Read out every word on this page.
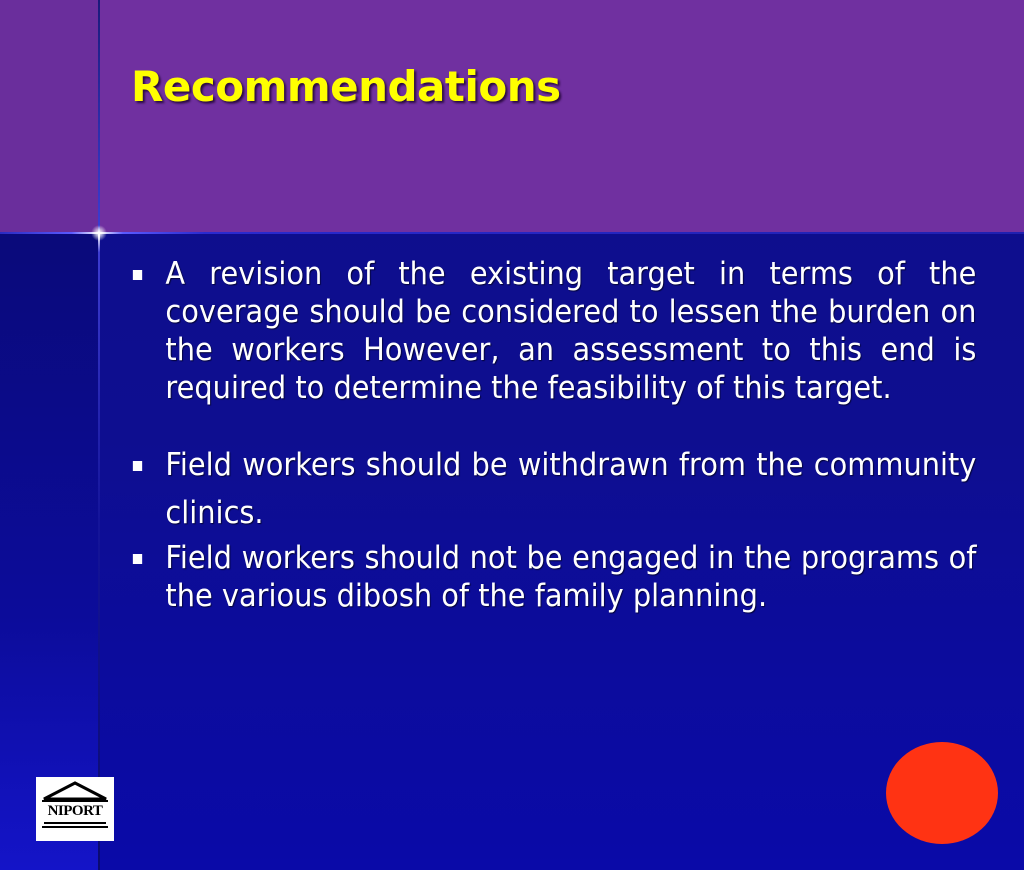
Recommendations
A revision of the existing target in terms of the coverage should be considered to lessen the burden on the workers However, an assessment to this end is required to determine the feasibility of this target.
Field workers should be withdrawn from the community clinics.
Field workers should not be engaged in the programs of the various dibosh of the family planning.
NIPORT
